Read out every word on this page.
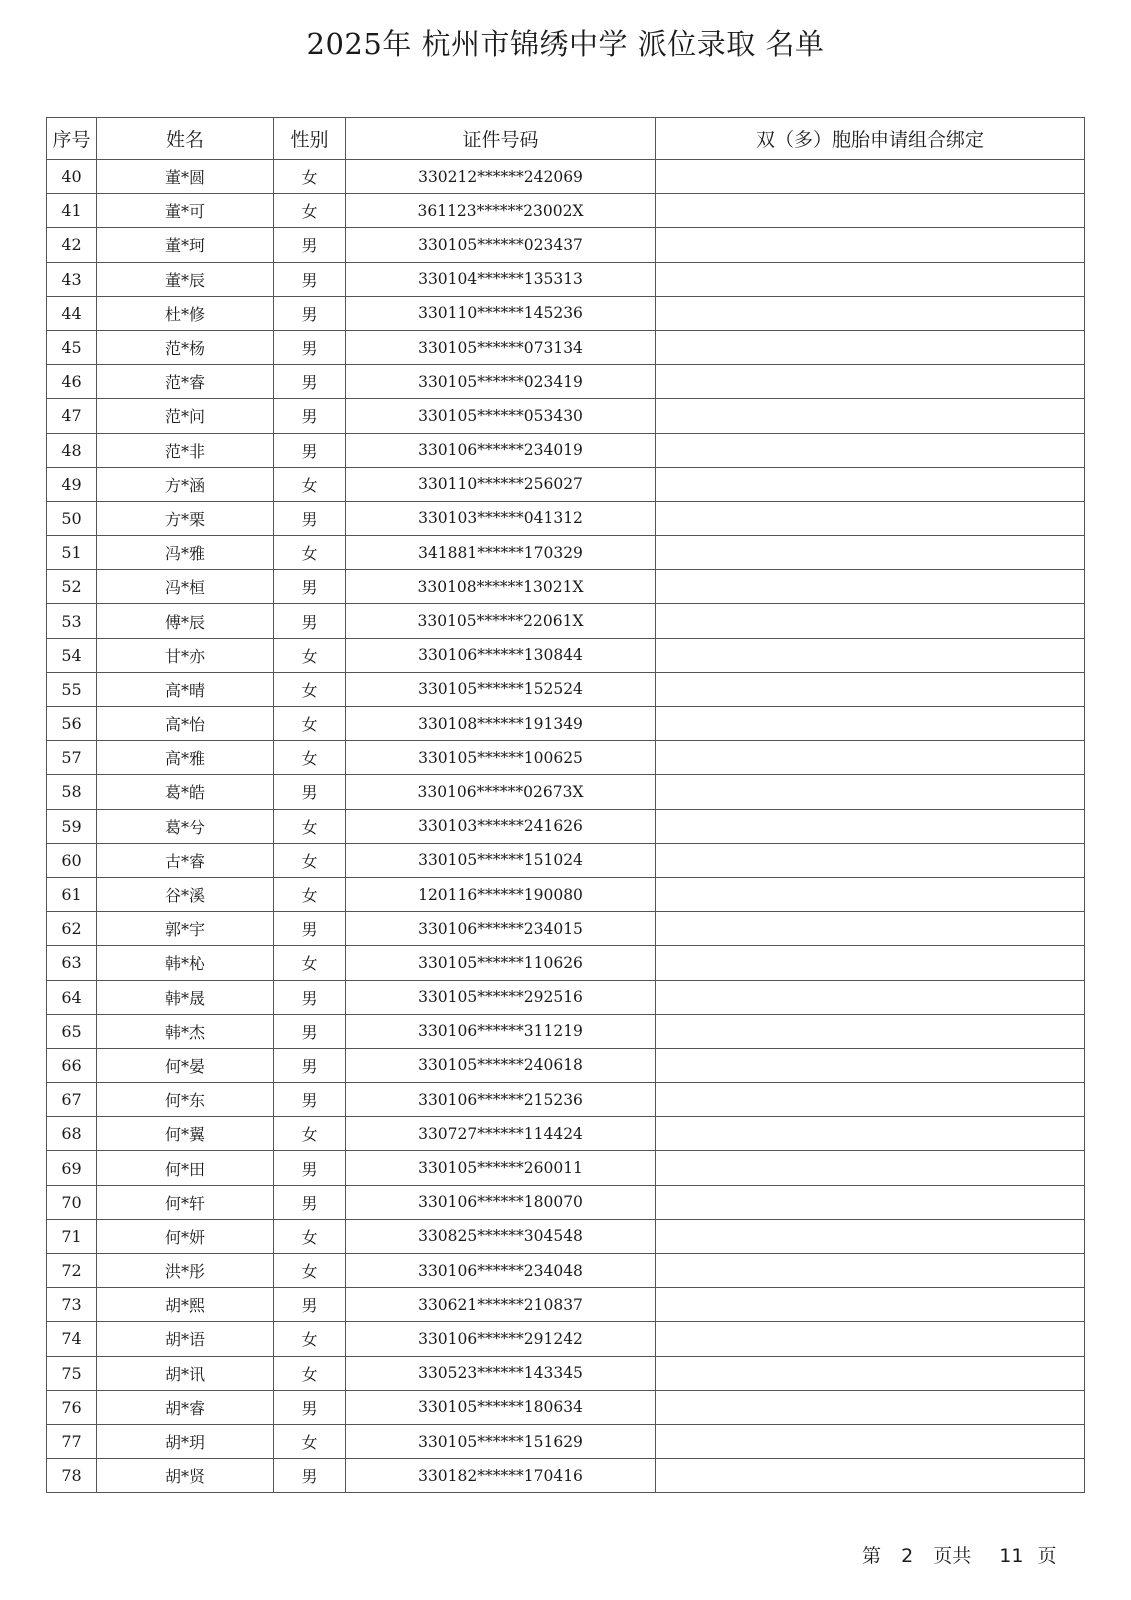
2025年 杭州市锦绣中学 派位录取 名单
序号	姓名	性别	证件号码	双（多）胞胎申请组合绑定
40	董*圆	女	330212******242069	
41	董*可	女	361123******23002X	
42	董*珂	男	330105******023437	
43	董*辰	男	330104******135313	
44	杜*修	男	330110******145236	
45	范*杨	男	330105******073134	
46	范*睿	男	330105******023419	
47	范*问	男	330105******053430	
48	范*非	男	330106******234019	
49	方*涵	女	330110******256027	
50	方*栗	男	330103******041312	
51	冯*雅	女	341881******170329	
52	冯*桓	男	330108******13021X	
53	傅*辰	男	330105******22061X	
54	甘*亦	女	330106******130844	
55	高*晴	女	330105******152524	
56	高*怡	女	330108******191349	
57	高*雅	女	330105******100625	
58	葛*皓	男	330106******02673X	
59	葛*兮	女	330103******241626	
60	古*睿	女	330105******151024	
61	谷*溪	女	120116******190080	
62	郭*宇	男	330106******234015	
63	韩*杺	女	330105******110626	
64	韩*晟	男	330105******292516	
65	韩*杰	男	330106******311219	
66	何*晏	男	330105******240618	
67	何*东	男	330106******215236	
68	何*翼	女	330727******114424	
69	何*田	男	330105******260011	
70	何*轩	男	330106******180070	
71	何*妍	女	330825******304548	
72	洪*彤	女	330106******234048	
73	胡*熙	男	330621******210837	
74	胡*语	女	330106******291242	
75	胡*讯	女	330523******143345	
76	胡*睿	男	330105******180634	
77	胡*玥	女	330105******151629	
78	胡*贤	男	330182******170416	
第 2 页共 11 页
